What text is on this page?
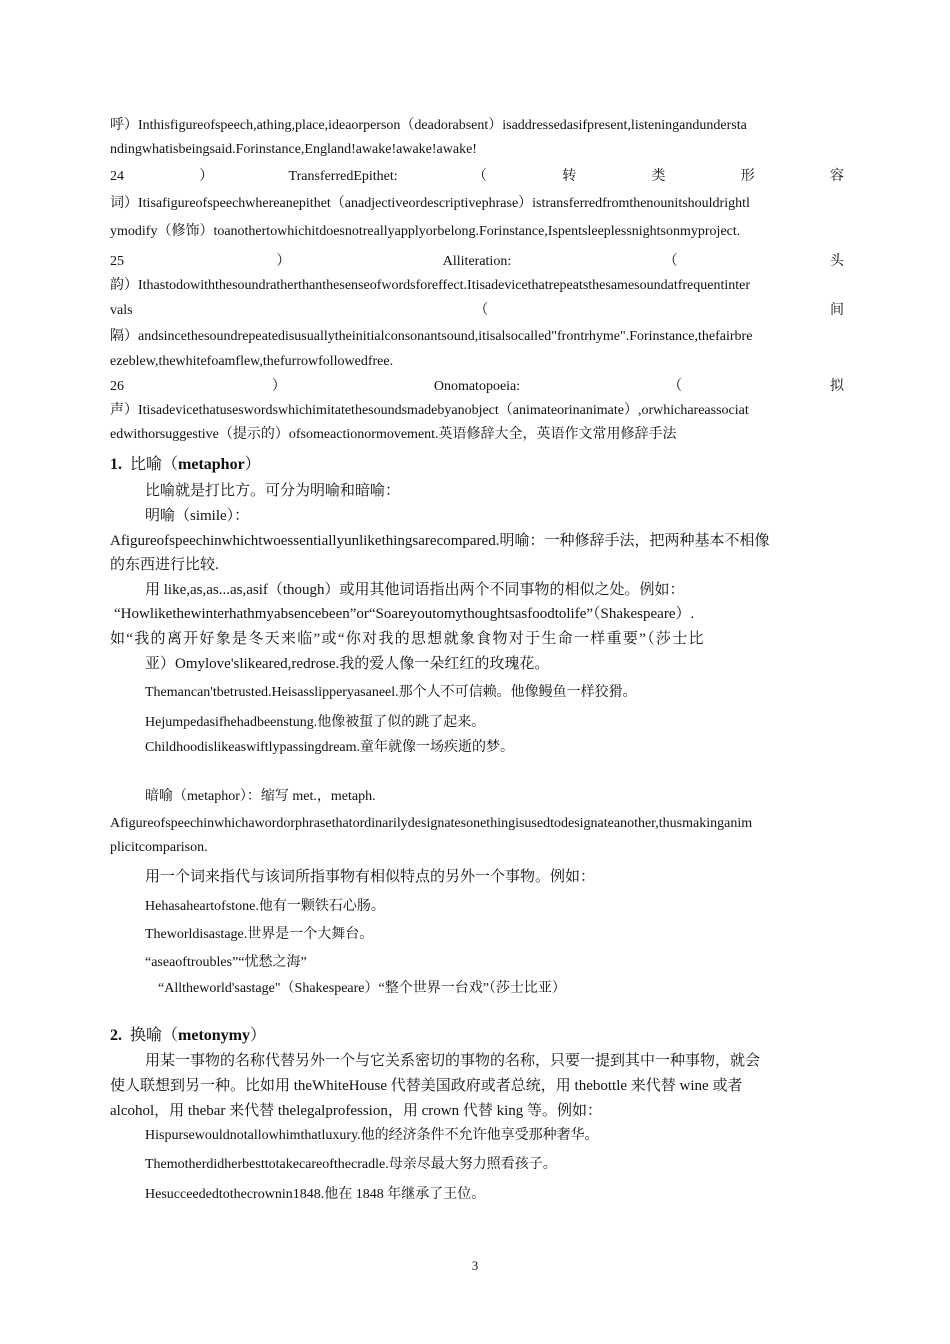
呼）Inthisfigureofspeech,athing,place,ideaorperson（deadorabsent）isaddressedasifpresent,listeningandundersta
ndingwhatisbeingsaid.Forinstance,England!awake!awake!awake!
24	）	TransferredEpithet:	（	转	类	形	容
词）Itisafigureofspeechwhereanepithet（anadjectiveordescriptivephrase）istransferredfromthenounitshouldrightl
ymodify（修饰）toanothertowhichitdoesnotreallyapplyorbelong.Forinstance,Ispentsleeplessnightsonmyproject.
25	）	Alliteration:	（	头
韵）Ithastodowiththesoundratherthanthesenseofwordsforeffect.Itisadevicethatrepeatsthesamesoundatfrequentinter
vals	（	间
隔）andsincethesoundrepeatedisusuallytheinitialconsonantsound,itisalsocalled"frontrhyme".Forinstance,thefairbre
ezeblew,thewhitefoamflew,thefurrowfollowedfree.
26	）	Onomatopoeia:	（	拟
声）Itisadevicethatuseswordswhichimitatethesoundsmadebyanobject（animateorinanimate）,orwhichareassociat
edwithorsuggestive（提示的）ofsomeactionormovement.英语修辞大全，英语作文常用修辞手法
1. 比喻（metaphor）
比喻就是打比方。可分为明喻和暗喻：
明喻（simile）：
Afigureofspeechinwhichtwoessentiallyunlikethingsarecompared.明喻：一种修辞手法，把两种基本不相像
的东西进行比较.
用 like,as,as...as,asif（though）或用其他词语指出两个不同事物的相似之处。例如：
“Howlikethewinterhathmyabsencebeen”or“Soareyoutomythoughtsasfoodtolife”（Shakespeare）.
如“我的离开好象是冬天来临”或“你对我的思想就象食物对于生命一样重要”（莎士比
亚）Omylove'slikeared,redrose.我的爱人像一朵红红的玫瑰花。
Themancan'tbetrusted.Heisasslipperyasaneel.那个人不可信赖。他像鳗鱼一样狡猾。
Hejumpedasifhehadbeenstung.他像被蜇了似的跳了起来。
Childhoodislikeaswiftlypassingdream.童年就像一场疾逝的梦。
暗喻（metaphor）：缩写 met.，metaph.
Afigureofspeechinwhichawordorphrasethatordinarilydesignatesonethingisusedtodesignateanother,thusmakinganim
plicitcomparison.
用一个词来指代与该词所指事物有相似特点的另外一个事物。例如：
Hehasaheartofstone.他有一颗铁石心肠。
Theworldisastage.世界是一个大舞台。
“aseaoftroubles”“忧愁之海”
“Alltheworld'sastage"（Shakespeare）“整个世界一台戏”（莎士比亚）
2. 换喻（metonymy）
用某一事物的名称代替另外一个与它关系密切的事物的名称，只要一提到其中一种事物，就会
使人联想到另一种。比如用 theWhiteHouse 代替美国政府或者总统，用 thebottle 来代替 wine 或者
alcohol，用 thebar 来代替 thelegalprofession，用 crown 代替 king 等。例如：
Hispursewouldnotallowhimthatluxury.他的经济条件不允许他享受那种奢华。
Themotherdidherbesttotakecareofthecradle.母亲尽最大努力照看孩子。
Hesucceededtothecrownin1848.他在 1848 年继承了王位。
3
